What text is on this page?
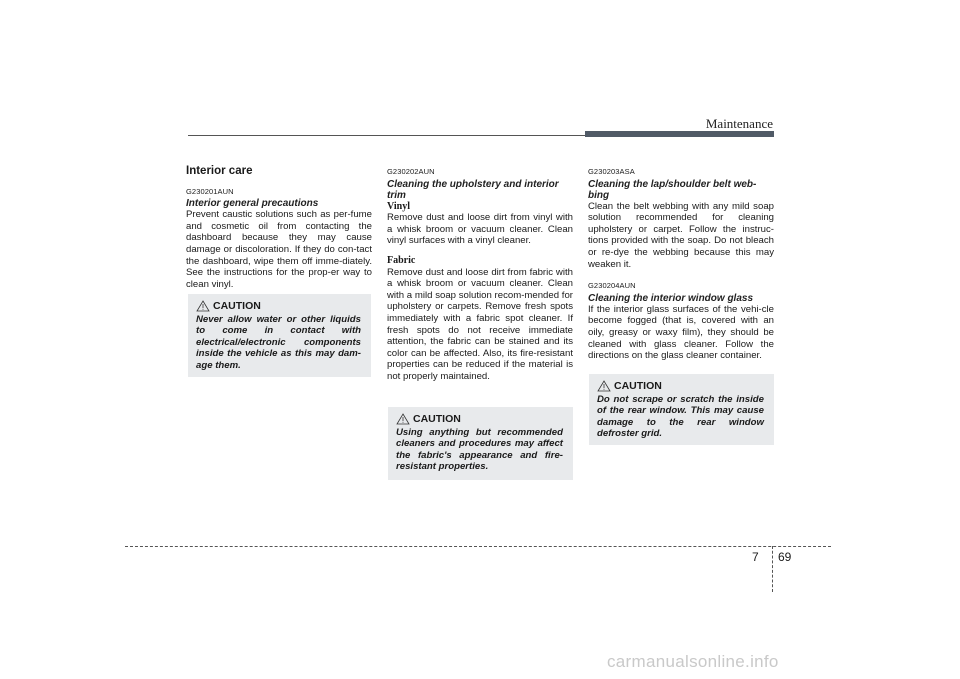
Maintenance

Interior care

G230201AUN

Interior general precautions

Prevent caustic solutions such as per-fume and cosmetic oil from contacting the dashboard because they may cause damage or discoloration. If they do con-tact the dashboard, wipe them off imme-diately. See the instructions for the prop-er way to clean vinyl.

CAUTION

Never allow water or other liquids to come in contact with electrical/electronic components inside the vehicle as this may dam-age them.

G230202AUN

Cleaning the upholstery and interior trim

Vinyl

Remove dust and loose dirt from vinyl with a whisk broom or vacuum cleaner. Clean vinyl surfaces with a vinyl cleaner.

Fabric

Remove dust and loose dirt from fabric with a whisk broom or vacuum cleaner. Clean with a mild soap solution recom-mended for upholstery or carpets. Remove fresh spots immediately with a fabric spot cleaner. If fresh spots do not receive immediate attention, the fabric can be stained and its color can be affected. Also, its fire-resistant properties can be reduced if the material is not properly maintained.

CAUTION

Using anything but recommended cleaners and procedures may affect the fabric's appearance and fire-resistant properties.

G230203ASA

Cleaning the lap/shoulder belt web-bing

Clean the belt webbing with any mild soap solution recommended for cleaning upholstery or carpet. Follow the instruc-tions provided with the soap. Do not bleach or re-dye the webbing because this may weaken it.

G230204AUN

Cleaning the interior window glass

If the interior glass surfaces of the vehi-cle become fogged (that is, covered with an oily, greasy or waxy film), they should be cleaned with glass cleaner. Follow the directions on the glass cleaner container.

CAUTION

Do not scrape or scratch the inside of the rear window. This may cause damage to the rear window defroster grid.

7 69
carmanualsonline.info
